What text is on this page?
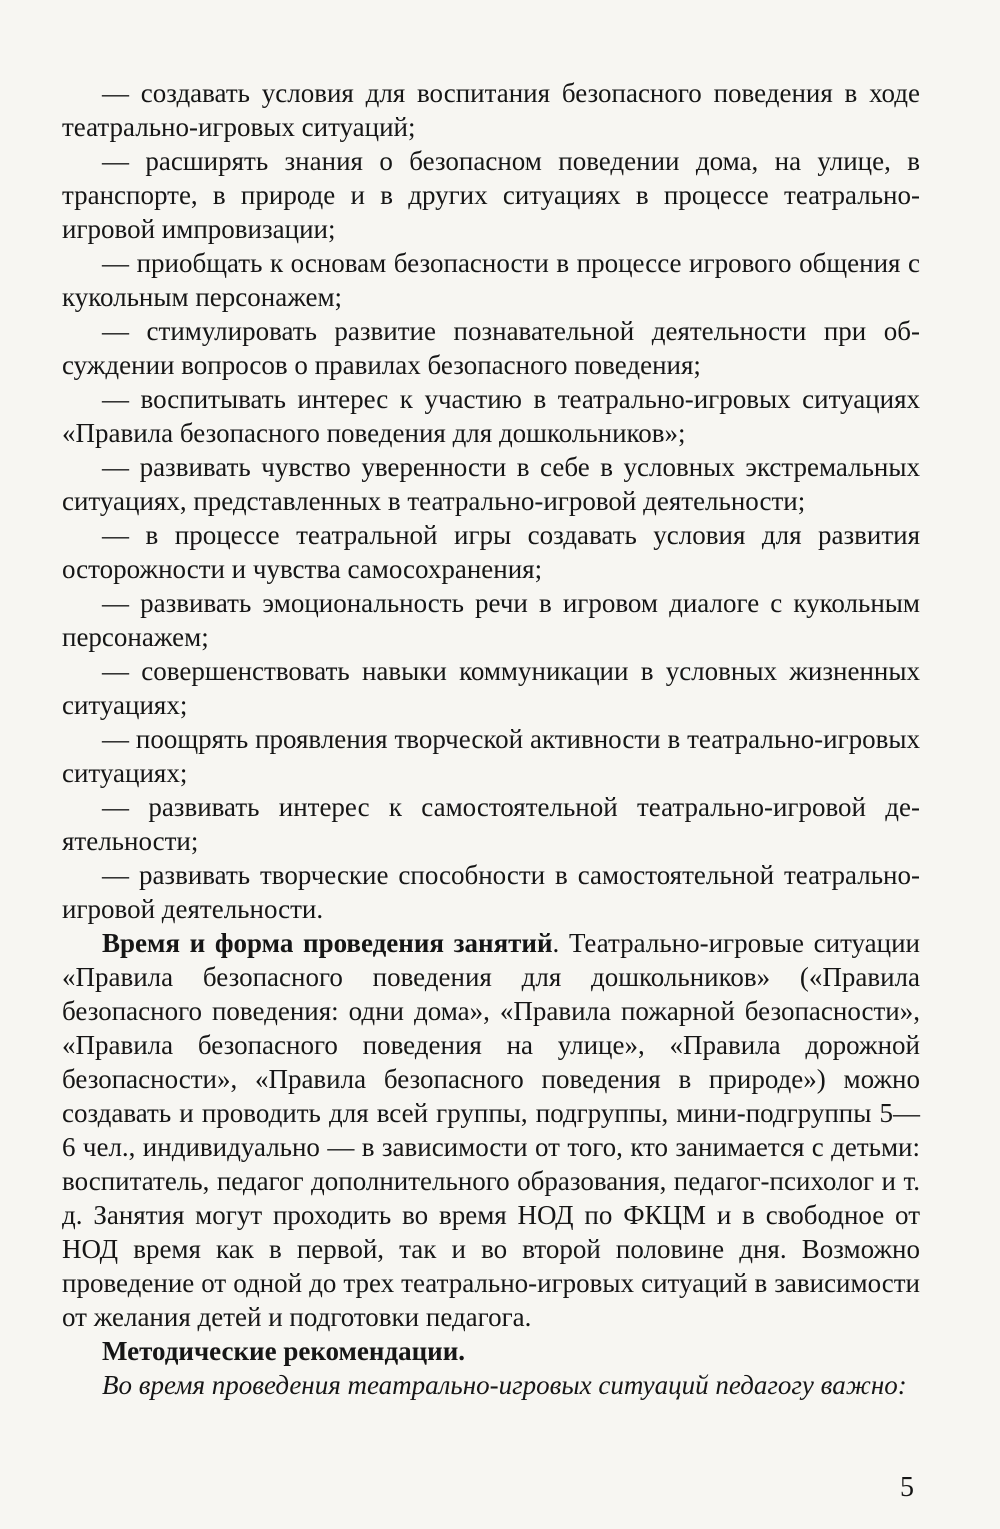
— создавать условия для воспитания безопасного поведения в ходе театрально-игровых ситуаций;

— расширять знания о безопасном поведении дома, на улице, в транспорте, в природе и в других ситуациях в процессе театрально-игровой импровизации;

— приобщать к основам безопасности в процессе игрового общения с кукольным персонажем;

— стимулировать развитие познавательной деятельности при обсуждении вопросов о правилах безопасного поведения;

— воспитывать интерес к участию в театрально-игровых ситуациях «Правила безопасного поведения для дошкольников»;

— развивать чувство уверенности в себе в условных экстремальных ситуациях, представленных в театрально-игровой деятельности;

— в процессе театральной игры создавать условия для развития осторожности и чувства самосохранения;

— развивать эмоциональность речи в игровом диалоге с кукольным персонажем;

— совершенствовать навыки коммуникации в условных жизненных ситуациях;

— поощрять проявления творческой активности в театрально-игровых ситуациях;

— развивать интерес к самостоятельной театрально-игровой деятельности;

— развивать творческие способности в самостоятельной театрально-игровой деятельности.

Время и форма проведения занятий. Театрально-игровые ситуации «Правила безопасного поведения для дошкольников» («Правила безопасного поведения: одни дома», «Правила пожарной безопасности», «Правила безопасного поведения на улице», «Правила дорожной безопасности», «Правила безопасного поведения в природе») можно создавать и проводить для всей группы, подгруппы, мини-подгруппы 5—6 чел., индивидуально — в зависимости от того, кто занимается с детьми: воспитатель, педагог дополнительного образования, педагог-психолог и т. д. Занятия могут проходить во время НОД по ФКЦМ и в свободное от НОД время как в первой, так и во второй половине дня. Возможно проведение от одной до трех театрально-игровых ситуаций в зависимости от желания детей и подготовки педагога.

Методические рекомендации.

Во время проведения театрально-игровых ситуаций педагогу важно:

5
